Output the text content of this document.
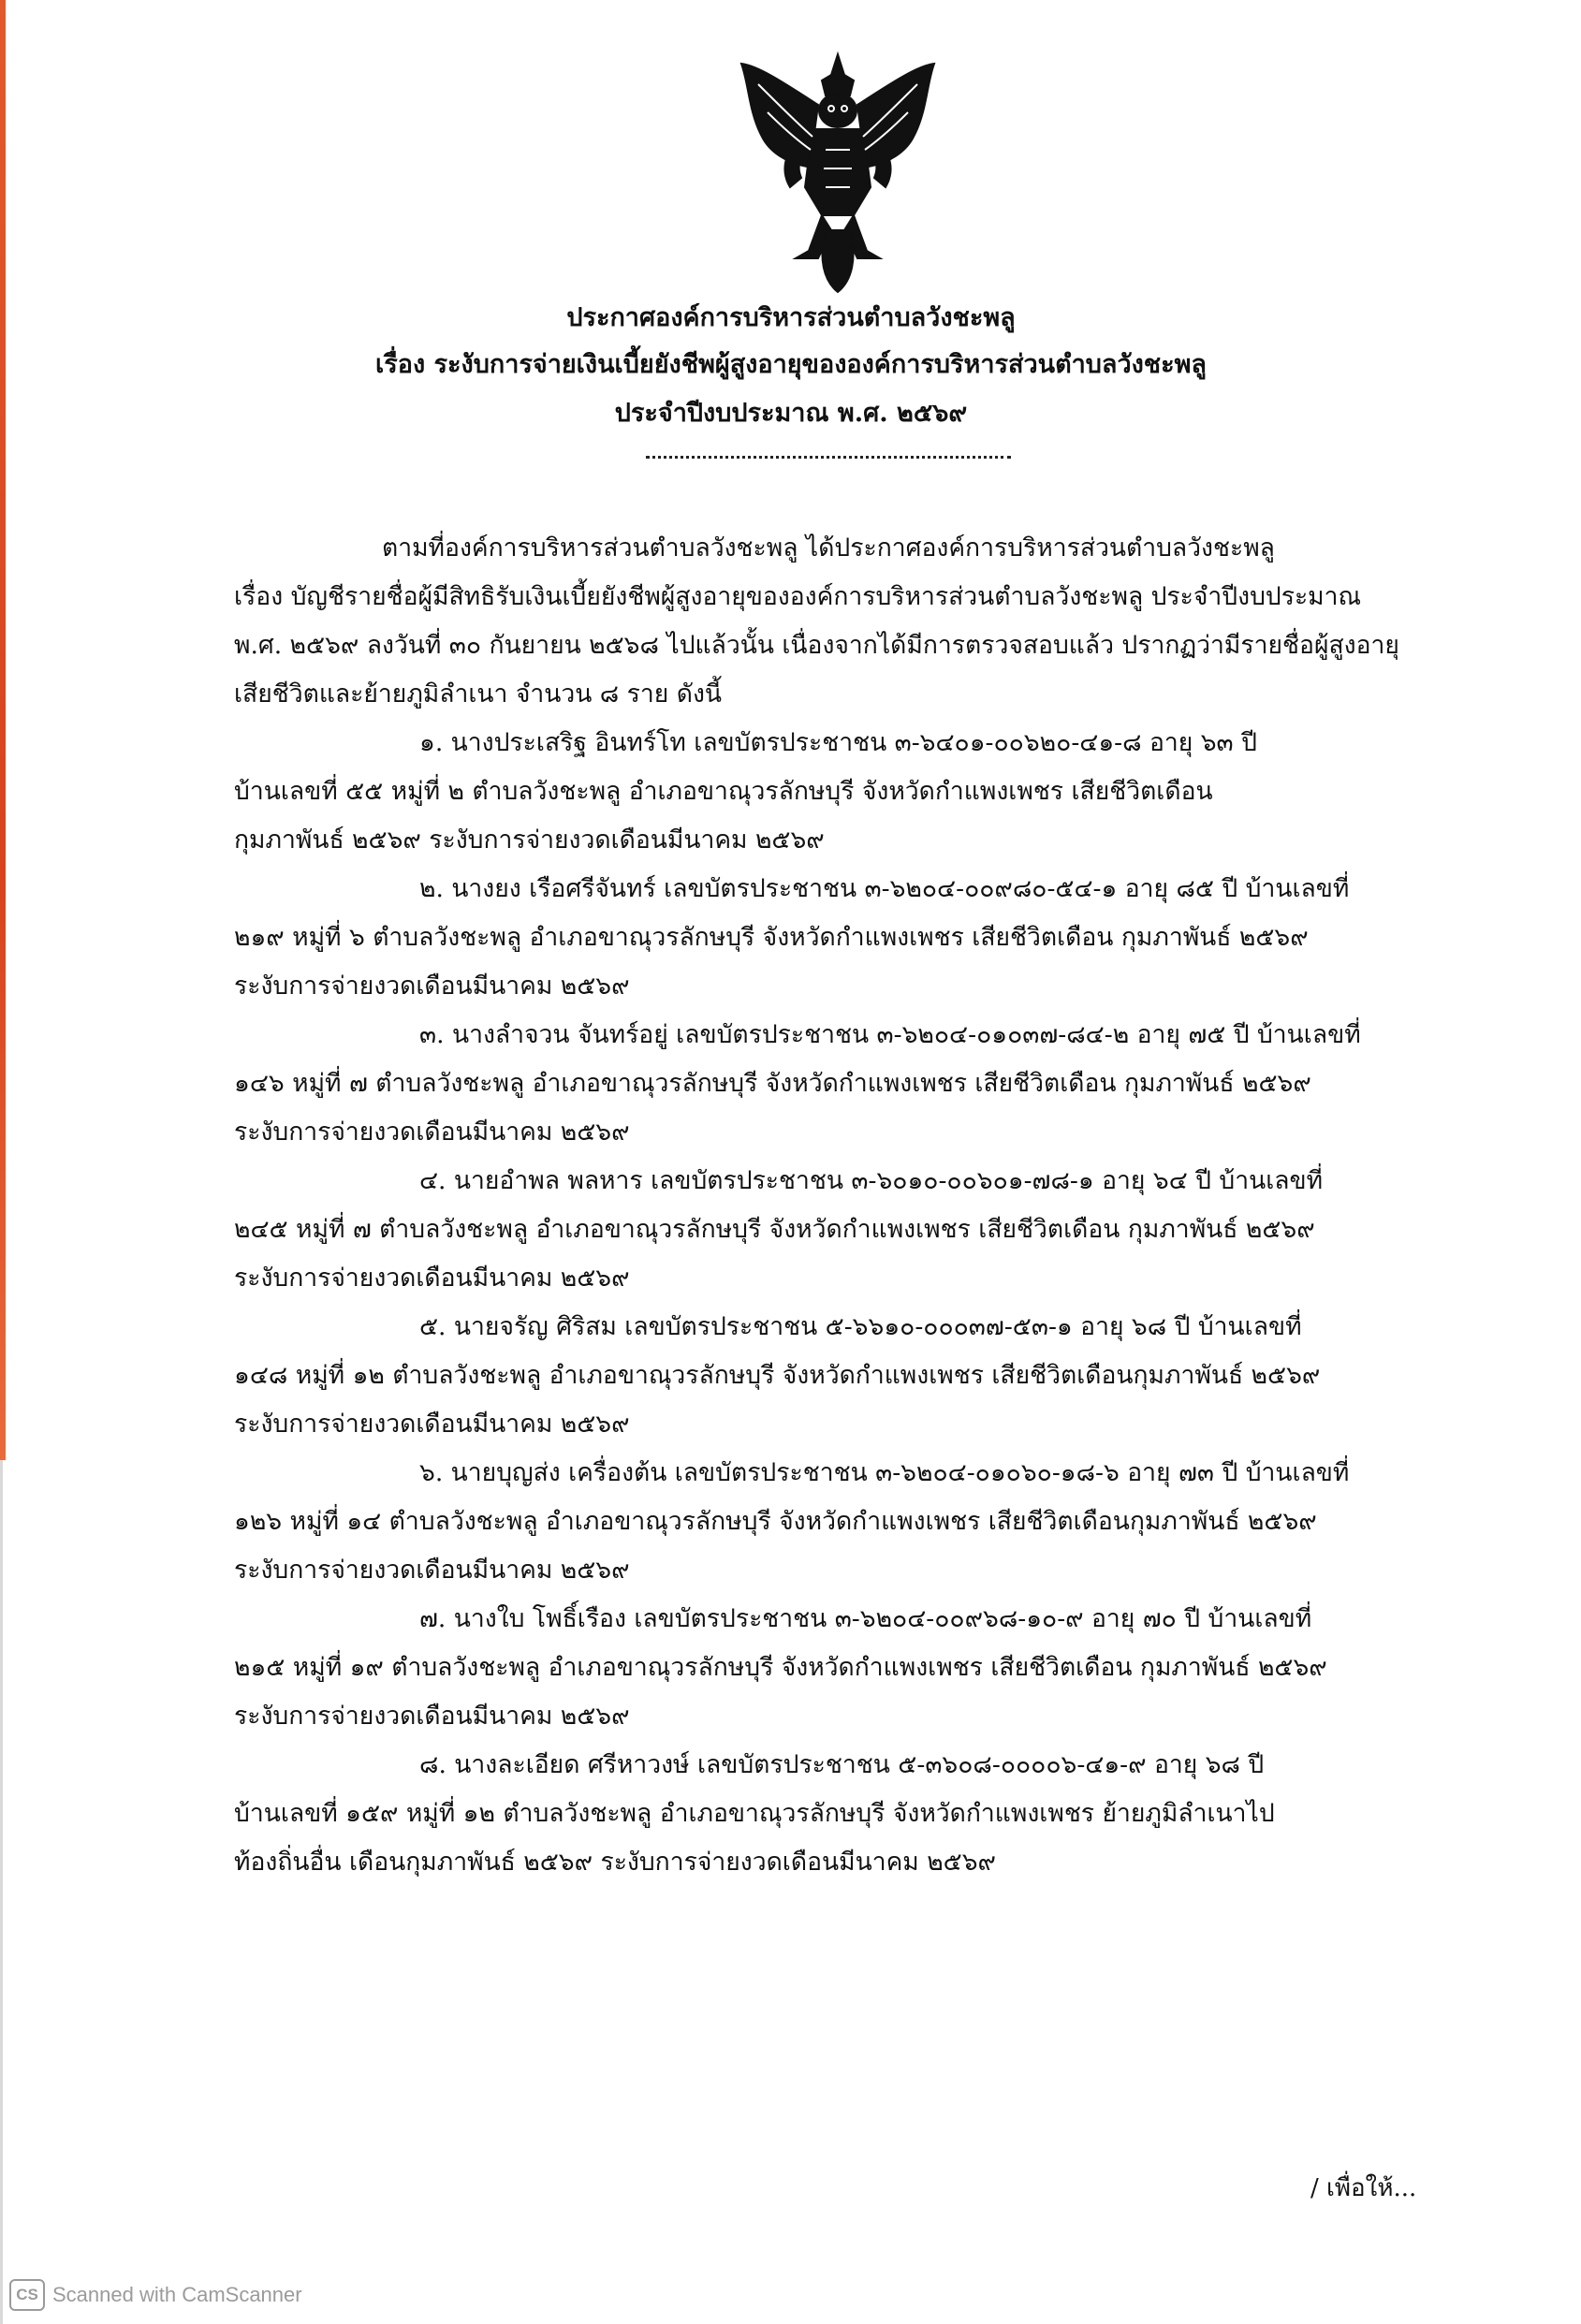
ประกาศองค์การบริหารส่วนตำบลวังชะพลู
เรื่อง ระงับการจ่ายเงินเบี้ยยังชีพผู้สูงอายุขององค์การบริหารส่วนตำบลวังชะพลู
ประจำปีงบประมาณ พ.ศ. ๒๕๖๙
ตามที่องค์การบริหารส่วนตำบลวังชะพลู ได้ประกาศองค์การบริหารส่วนตำบลวังชะพลู
เรื่อง บัญชีรายชื่อผู้มีสิทธิรับเงินเบี้ยยังชีพผู้สูงอายุขององค์การบริหารส่วนตำบลวังชะพลู ประจำปีงบประมาณ
พ.ศ. ๒๕๖๙ ลงวันที่ ๓๐ กันยายน ๒๕๖๘ ไปแล้วนั้น เนื่องจากได้มีการตรวจสอบแล้ว ปรากฏว่ามีรายชื่อผู้สูงอายุ
เสียชีวิตและย้ายภูมิลำเนา จำนวน ๘ ราย ดังนี้
๑. นางประเสริฐ อินทร์โท เลขบัตรประชาชน ๓-๖๔๐๑-๐๐๖๒๐-๔๑-๘ อายุ ๖๓ ปี
บ้านเลขที่ ๕๕ หมู่ที่ ๒ ตำบลวังชะพลู อำเภอขาณุวรลักษบุรี จังหวัดกำแพงเพชร เสียชีวิตเดือน
กุมภาพันธ์ ๒๕๖๙ ระงับการจ่ายงวดเดือนมีนาคม ๒๕๖๙
๒. นางยง เรือศรีจันทร์ เลขบัตรประชาชน ๓-๖๒๐๔-๐๐๙๘๐-๕๔-๑ อายุ ๘๕ ปี บ้านเลขที่
๒๑๙ หมู่ที่ ๖ ตำบลวังชะพลู อำเภอขาณุวรลักษบุรี จังหวัดกำแพงเพชร เสียชีวิตเดือน กุมภาพันธ์ ๒๕๖๙
ระงับการจ่ายงวดเดือนมีนาคม ๒๕๖๙
๓. นางลำจวน จันทร์อยู่ เลขบัตรประชาชน ๓-๖๒๐๔-๐๑๐๓๗-๘๔-๒ อายุ ๗๕ ปี บ้านเลขที่
๑๔๖ หมู่ที่ ๗ ตำบลวังชะพลู อำเภอขาณุวรลักษบุรี จังหวัดกำแพงเพชร เสียชีวิตเดือน กุมภาพันธ์ ๒๕๖๙
ระงับการจ่ายงวดเดือนมีนาคม ๒๕๖๙
๔. นายอำพล พลหาร เลขบัตรประชาชน ๓-๖๐๑๐-๐๐๖๐๑-๗๘-๑ อายุ ๖๔ ปี บ้านเลขที่
๒๔๕ หมู่ที่ ๗ ตำบลวังชะพลู อำเภอขาณุวรลักษบุรี จังหวัดกำแพงเพชร เสียชีวิตเดือน กุมภาพันธ์ ๒๕๖๙
ระงับการจ่ายงวดเดือนมีนาคม ๒๕๖๙
๕. นายจรัญ ศิริสม เลขบัตรประชาชน ๕-๖๖๑๐-๐๐๐๓๗-๕๓-๑ อายุ ๖๘ ปี บ้านเลขที่
๑๔๘ หมู่ที่ ๑๒ ตำบลวังชะพลู อำเภอขาณุวรลักษบุรี จังหวัดกำแพงเพชร เสียชีวิตเดือนกุมภาพันธ์ ๒๕๖๙
ระงับการจ่ายงวดเดือนมีนาคม ๒๕๖๙
๖. นายบุญส่ง เครื่องต้น เลขบัตรประชาชน ๓-๖๒๐๔-๐๑๐๖๐-๑๘-๖ อายุ ๗๓ ปี บ้านเลขที่
๑๒๖ หมู่ที่ ๑๔ ตำบลวังชะพลู อำเภอขาณุวรลักษบุรี จังหวัดกำแพงเพชร เสียชีวิตเดือนกุมภาพันธ์ ๒๕๖๙
ระงับการจ่ายงวดเดือนมีนาคม ๒๕๖๙
๗. นางใบ โพธิ์เรือง เลขบัตรประชาชน ๓-๖๒๐๔-๐๐๙๖๘-๑๐-๙ อายุ ๗๐ ปี บ้านเลขที่
๒๑๕ หมู่ที่ ๑๙ ตำบลวังชะพลู อำเภอขาณุวรลักษบุรี จังหวัดกำแพงเพชร เสียชีวิตเดือน กุมภาพันธ์ ๒๕๖๙
ระงับการจ่ายงวดเดือนมีนาคม ๒๕๖๙
๘. นางละเอียด ศรีหาวงษ์ เลขบัตรประชาชน ๕-๓๖๐๘-๐๐๐๐๖-๔๑-๙ อายุ ๖๘ ปี
บ้านเลขที่ ๑๕๙ หมู่ที่ ๑๒ ตำบลวังชะพลู อำเภอขาณุวรลักษบุรี จังหวัดกำแพงเพชร ย้ายภูมิลำเนาไป
ท้องถิ่นอื่น เดือนกุมภาพันธ์ ๒๕๖๙ ระงับการจ่ายงวดเดือนมีนาคม ๒๕๖๙
/ เพื่อให้...
CS Scanned with CamScanner
